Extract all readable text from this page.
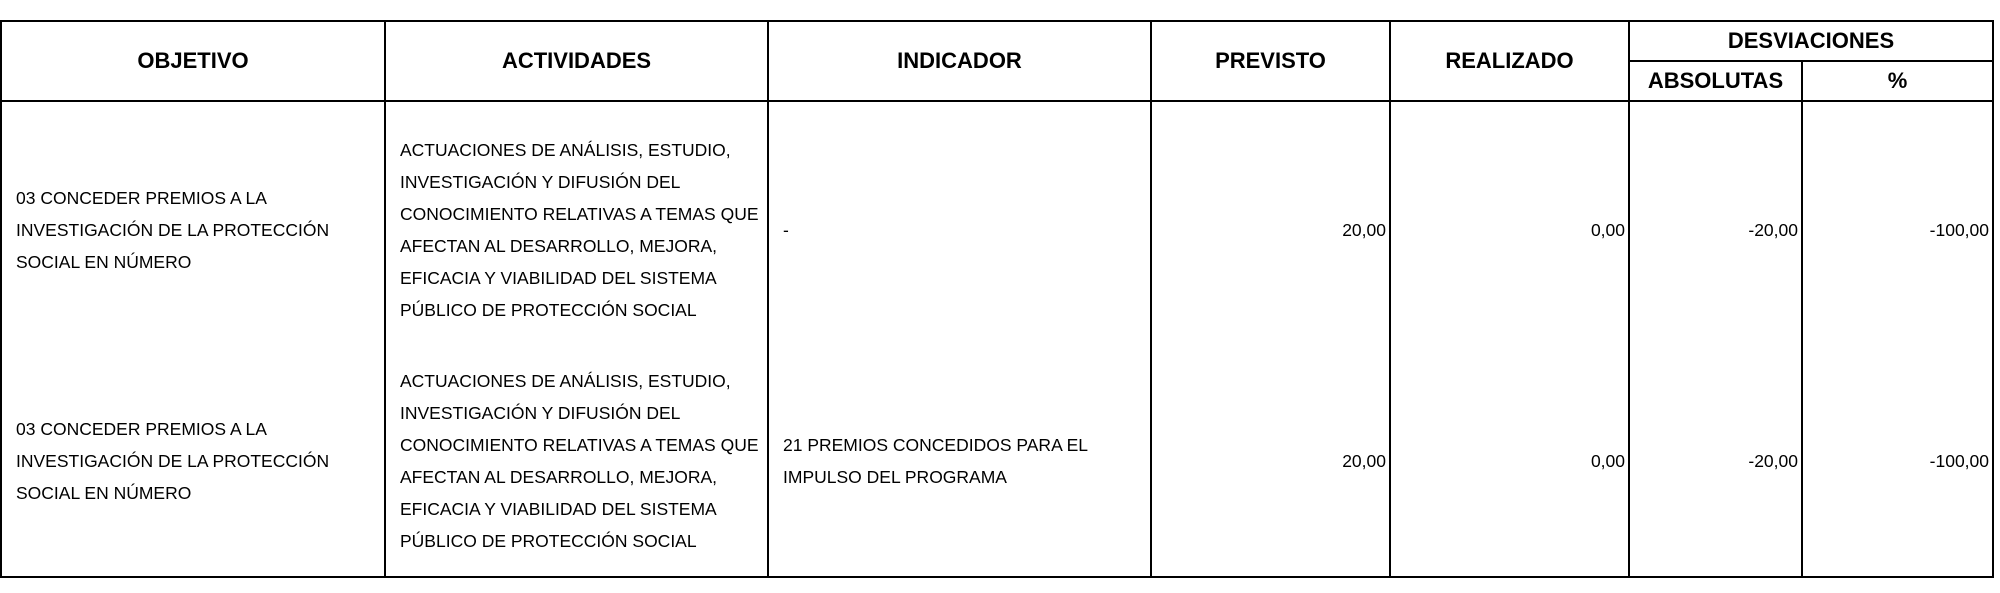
OBJETIVO	ACTIVIDADES	INDICADOR	PREVISTO	REALIZADO	DESVIACIONES	
					ABSOLUTAS	%
03 CONCEDER PREMIOS A LA INVESTIGACIÓN DE LA PROTECCIÓN SOCIAL EN NÚMERO	ACTUACIONES DE ANÁLISIS, ESTUDIO, INVESTIGACIÓN Y DIFUSIÓN DEL CONOCIMIENTO RELATIVAS A TEMAS QUE AFECTAN AL DESARROLLO, MEJORA, EFICACIA Y VIABILIDAD DEL SISTEMA PÚBLICO DE PROTECCIÓN SOCIAL	-	20,00	0,00	-20,00	-100,00
03 CONCEDER PREMIOS A LA INVESTIGACIÓN DE LA PROTECCIÓN SOCIAL EN NÚMERO	ACTUACIONES DE ANÁLISIS, ESTUDIO, INVESTIGACIÓN Y DIFUSIÓN DEL CONOCIMIENTO RELATIVAS A TEMAS QUE AFECTAN AL DESARROLLO, MEJORA, EFICACIA Y VIABILIDAD DEL SISTEMA PÚBLICO DE PROTECCIÓN SOCIAL	21 PREMIOS CONCEDIDOS PARA EL IMPULSO DEL PROGRAMA	20,00	0,00	-20,00	-100,00
